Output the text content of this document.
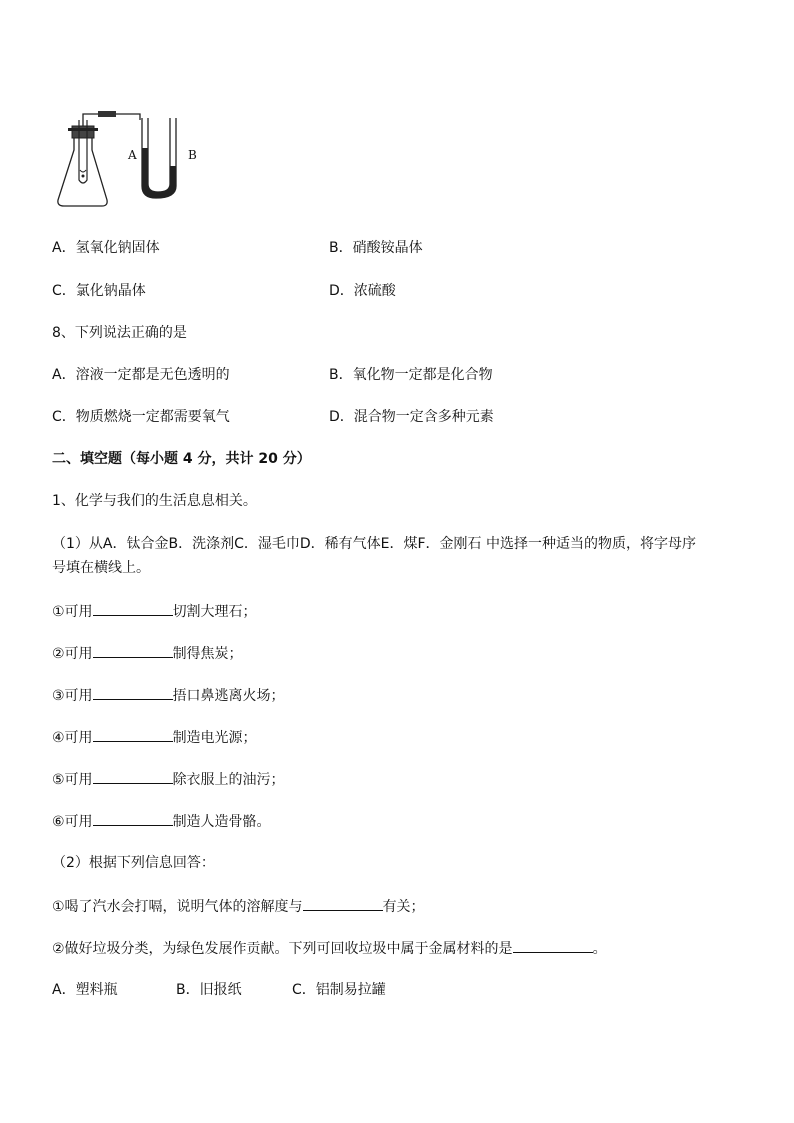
A	B
A．氢氧化钠固体	B．硝酸铵晶体
C．氯化钠晶体	D．浓硫酸
8、下列说法正确的是
A．溶液一定都是无色透明的	B．氧化物一定都是化合物
C．物质燃烧一定都需要氧气	D．混合物一定含多种元素
二、填空题（每小题 4 分，共计 20 分）
1、化学与我们的生活息息相关。
（1）从A．钛合金B．洗涤剂C．湿毛巾D．稀有气体E．煤F．金刚石 中选择一种适当的物质，将字母序
号填在横线上。
①可用	切割大理石；
②可用	制得焦炭；
③可用	捂口鼻逃离火场；
④可用	制造电光源；
⑤可用	除衣服上的油污；
⑥可用	制造人造骨骼。
（2）根据下列信息回答：
①喝了汽水会打嗝，说明气体的溶解度与	有关；
②做好垃圾分类，为绿色发展作贡献。下列可回收垃圾中属于金属材料的是	。
A．塑料瓶	B．旧报纸	C．铝制易拉罐
